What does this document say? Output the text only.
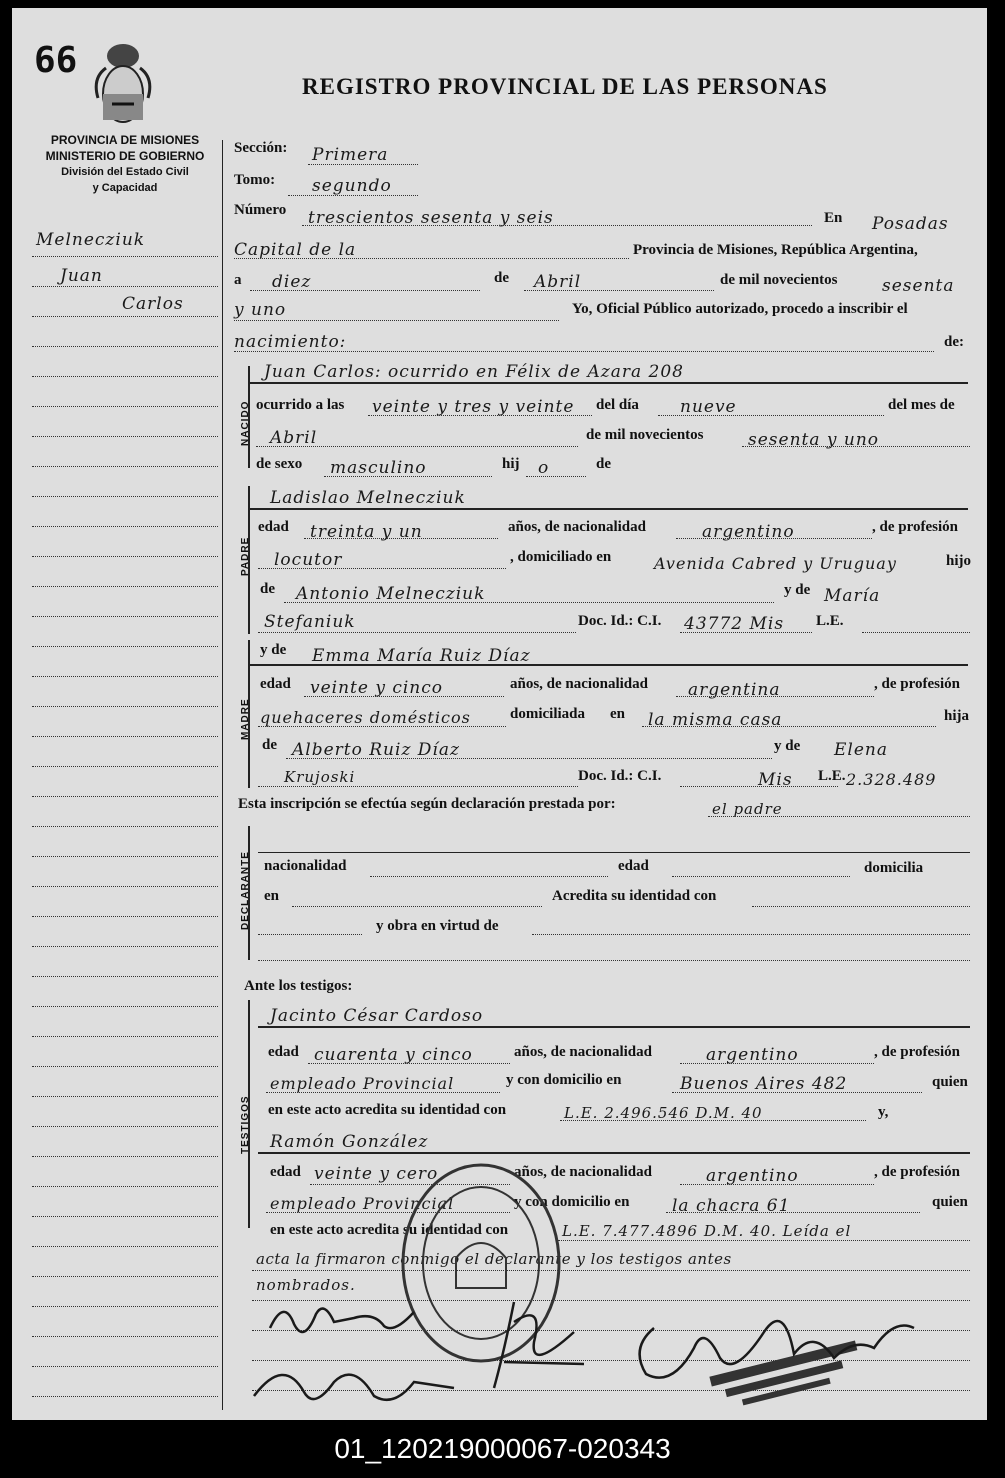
66
REGISTRO PROVINCIAL DE LAS PERSONAS
PROVINCIA DE MISIONES
MINISTERIO DE GOBIERNO
División del Estado Civil
y Capacidad
Melnecziuk
Juan
Carlos
Sección: Primera
Tomo: segundo
Número trescientos sesenta y seis	En Posadas
Capital de la	Provincia de Misiones, República Argentina,
a diez	de Abril	de mil novecientos	sesenta
y uno	Yo, Oficial Público autorizado, procedo a inscribir el
nacimiento:	de:
NACIDO
Juan Carlos: ocurrido en Félix de Azara 208
ocurrido a las veinte y tres y veinte del día nueve	del mes de
Abril	de mil novecientos	sesenta y uno
de sexo masculino	hij o	de
PADRE
Ladislao Melnecziuk
edad treinta y un	años, de nacionalidad	argentino	, de profesión
locutor	, domiciliado en	Avenida Cabred y Uruguay	hijo
de Antonio Melnecziuk	y de María
Stefaniuk	Doc. Id.: C.I. 43772 Mis L.E.
MADRE
y de Emma María Ruiz Díaz
edad veinte y cinco	años, de nacionalidad argentina	, de profesión
quehaceres domésticos	domiciliada en la misma casa	hija
de Alberto Ruiz Díaz	y de Elena
Krujoski	Doc. Id.: C.I.	Mis L.E. 2.328.489
Esta inscripción se efectúa según declaración prestada por:	el padre
DECLARANTE nacionalidad	edad	domicilia
en	Acredita su identidad con
y obra en virtud de
Ante los testigos:
TESTIGOS
Jacinto César Cardoso
edad cuarenta y cinco	años, de nacionalidad	argentino	, de profesión
empleado Provincial	y con domicilio en	Buenos Aires 482	quien
en este acto acredita su identidad con	L.E. 2.496.546 D.M. 40	y,
Ramón González
edad veinte y cero	años, de nacionalidad	argentino	, de profesión
empleado Provincial	y con domicilio en	la chacra 61	quien
en este acto acredita su identidad con	L.E. 7.477.4896 D.M. 40. Leída el
acta la firmaron conmigo el declarante y los testigos antes
nombrados.
01_120219000067-020343
